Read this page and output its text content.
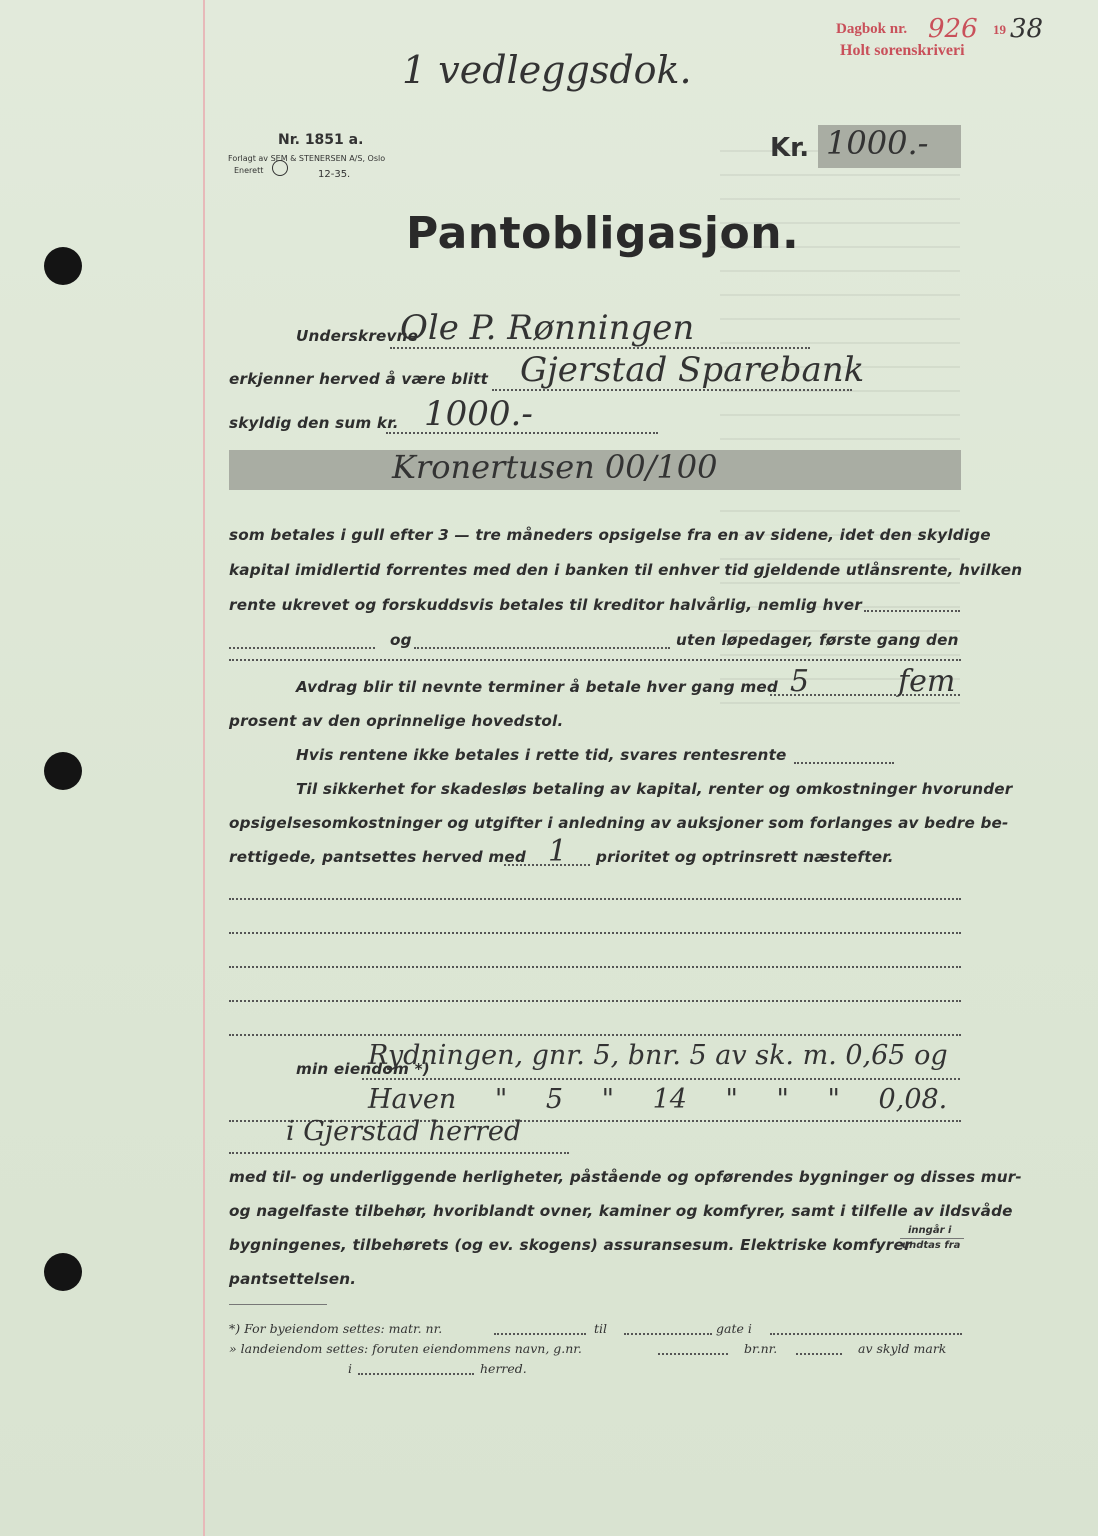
Dagbok nr. 926 19 38
Holt sorenskriveri
1 vedleggsdok.
Nr. 1851 a.
Forlagt av SEM & STENERSEN A/S, Oslo
Enerett	12-35.
Kr. 1000.-
Pantobligasjon.
Underskrevne
Ole P. Rønningen
erkjenner herved å være blitt Gjerstad Sparebank
skyldig den sum kr. 1000.-
Kronertusen 00/100
som betales i gull efter 3 — tre måneders opsigelse fra en av sidene, idet den skyldige
kapital imidlertid forrentes med den i banken til enhver tid gjeldende utlånsrente, hvilken
rente ukrevet og forskuddsvis betales til kreditor halvårlig, nemlig hver
og	uten løpedager, første gang den
Avdrag blir til nevnte terminer å betale hver gang med 5	fem
prosent av den oprinnelige hovedstol.
Hvis rentene ikke betales i rette tid, svares rentesrente
Til sikkerhet for skadesløs betaling av kapital, renter og omkostninger hvorunder
opsigelsesomkostninger og utgifter i anledning av auksjoner som forlanges av bedre be-
rettigede, pantsettes herved med 1 prioritet og optrinsrett næstefter.
min eiendom *)
Rydningen, gnr. 5, bnr. 5 av sk. m. 0,65 og
Haven " 5 " 14 " " " 0,08.
i Gjerstad herred
med til- og underliggende herligheter, påstående og opførendes bygninger og disses mur-
og nagelfaste tilbehør, hvoriblandt ovner, kaminer og komfyrer, samt i tilfelle av ildsvåde
bygningenes, tilbehørets (og ev. skogens) assuransesum. Elektriske komfyrer
inngår i
undtas fra
pantsettelsen.
*) For byeiendom settes: matr. nr.	til	gate i
» landeiendom settes: foruten eiendommens navn, g.nr.	br.nr.	av skyld mark
i	herred.
